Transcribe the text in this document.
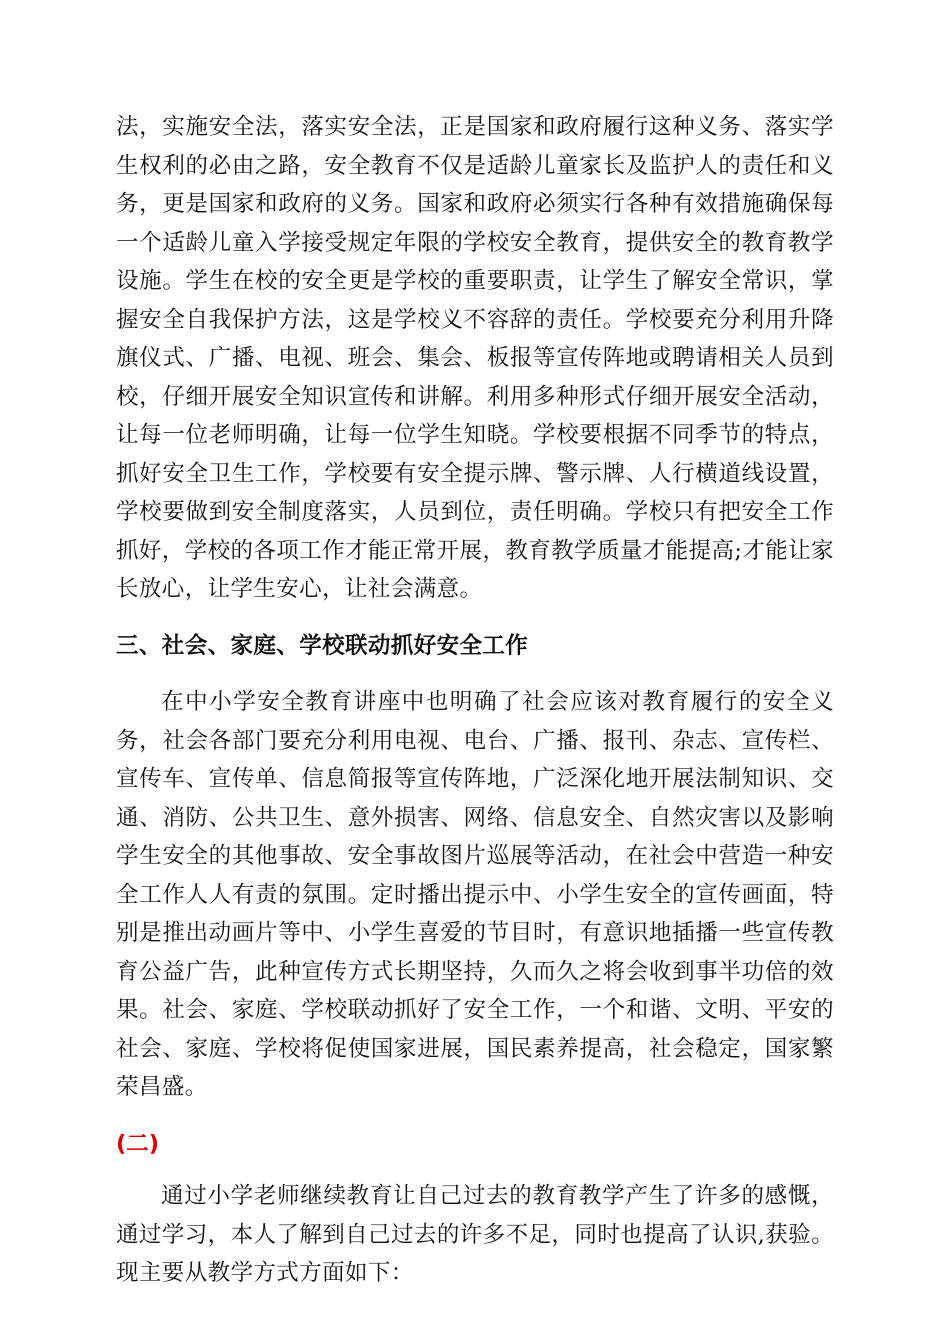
法，实施安全法，落实安全法，正是国家和政府履行这种义务、落实学生权利的必由之路，安全教育不仅是适龄儿童家长及监护人的责任和义务，更是国家和政府的义务。国家和政府必须实行各种有效措施确保每一个适龄儿童入学接受规定年限的学校安全教育，提供安全的教育教学设施。学生在校的安全更是学校的重要职责，让学生了解安全常识，掌握安全自我保护方法，这是学校义不容辞的责任。学校要充分利用升降旗仪式、广播、电视、班会、集会、板报等宣传阵地或聘请相关人员到校，仔细开展安全知识宣传和讲解。利用多种形式仔细开展安全活动，让每一位老师明确，让每一位学生知晓。学校要根据不同季节的特点，抓好安全卫生工作，学校要有安全提示牌、警示牌、人行横道线设置，学校要做到安全制度落实，人员到位，责任明确。学校只有把安全工作抓好，学校的各项工作才能正常开展，教育教学质量才能提高;才能让家长放心，让学生安心，让社会满意。

三、社会、家庭、学校联动抓好安全工作

在中小学安全教育讲座中也明确了社会应该对教育履行的安全义务，社会各部门要充分利用电视、电台、广播、报刊、杂志、宣传栏、宣传车、宣传单、信息简报等宣传阵地，广泛深化地开展法制知识、交通、消防、公共卫生、意外损害、网络、信息安全、自然灾害以及影响学生安全的其他事故、安全事故图片巡展等活动，在社会中营造一种安全工作人人有责的氛围。定时播出提示中、小学生安全的宣传画面，特别是推出动画片等中、小学生喜爱的节目时，有意识地插播一些宣传教育公益广告，此种宣传方式长期坚持，久而久之将会收到事半功倍的效果。社会、家庭、学校联动抓好了安全工作，一个和谐、文明、平安的社会、家庭、学校将促使国家进展，国民素养提高，社会稳定，国家繁荣昌盛。

(二)

通过小学老师继续教育让自己过去的教育教学产生了许多的感慨，通过学习，本人了解到自己过去的许多不足，同时也提高了认识,获验。现主要从教学方式方面如下：
